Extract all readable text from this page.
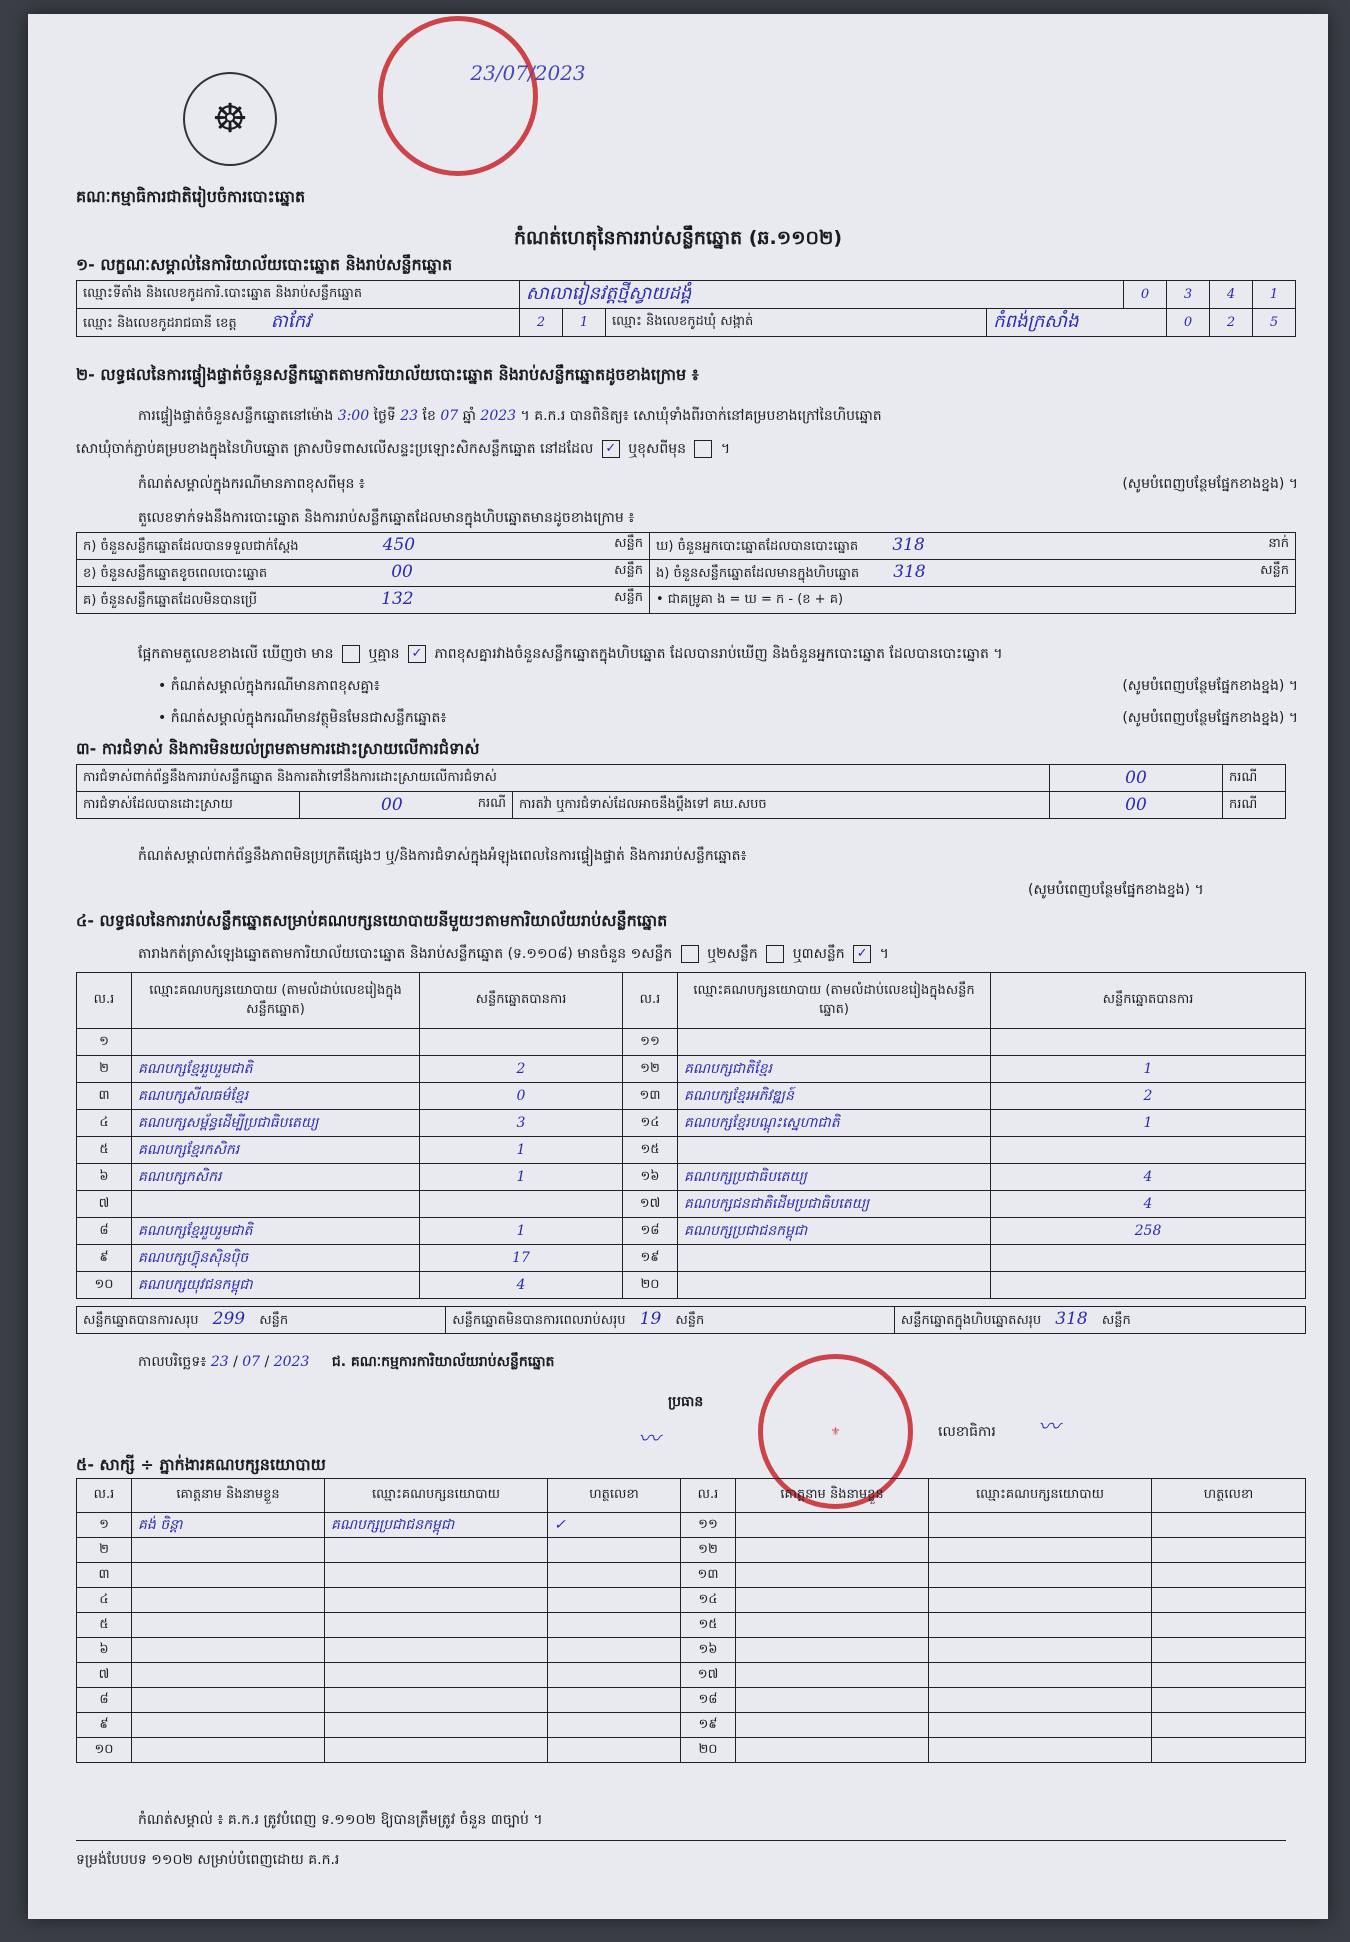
23/07/2023
☸
គណៈកម្មាធិការជាតិរៀបចំការបោះឆ្នោត
កំណត់ហេតុនៃការរាប់សន្លឹកឆ្នោត (ឆ.១១០២)
១- លក្ខណៈសម្គាល់នៃការិយាល័យបោះឆ្នោត និងរាប់សន្លឹកឆ្នោត
ឈ្មោះទីតាំង និងលេខកូដការិ.បោះឆ្នោត និងរាប់សន្លឹកឆ្នោត	សាលារៀនវត្តថ្មីស្វាយដង្គំ				0	3	4	1
ឈ្មោះ និងលេខកូដរាជធានី ខេត្ត តាកែវ	2	1	ឈ្មោះ និងលេខកូដឃុំ សង្កាត់	កំពង់ក្រសាំង		0	2	5
២- លទ្ធផលនៃការផ្ទៀងផ្ទាត់ចំនួនសន្លឹកឆ្នោតតាមការិយាល័យបោះឆ្នោត និងរាប់សន្លឹកឆ្នោតដូចខាងក្រោម ៖
ការផ្ទៀងផ្ទាត់ចំនួនសន្លឹកឆ្នោតនៅម៉ោង 3:00 ថ្ងៃទី 23 ខែ 07 ឆ្នាំ 2023 ។ គ.ក.រ បានពិនិត្យ៖ សោឃុំទាំងពីរចាក់នៅគម្របខាងក្រៅនៃហិបឆ្នោត
សោឃុំចាក់ភ្ជាប់គម្របខាងក្នុងនៃហិបឆ្នោត ត្រាសបិទពាសលើសន្ទះប្រឡោះសិកសន្លឹកឆ្នោត នៅដដែល ✓ ឬខុសពីមុន  ។
កំណត់សម្គាល់ក្នុងករណីមានភាពខុសពីមុន ៖	(សូមបំពេញបន្ថែមផ្នែកខាងខ្នង) ។
តួលេខទាក់ទងនឹងការបោះឆ្នោត និងការរាប់សន្លឹកឆ្នោតដែលមានក្នុងហិបឆ្នោតមានដូចខាងក្រោម ៖
ក) ចំនួនសន្លឹកឆ្នោតដែលបានទទួលជាក់ស្តែង 450 សន្លឹក	ឃ) ចំនួនអ្នកបោះឆ្នោតដែលបានបោះឆ្នោត 318 នាក់

ខ) ចំនួនសន្លឹកឆ្នោតខូចពេលបោះឆ្នោត 00 សន្លឹក	ង) ចំនួនសន្លឹកឆ្នោតដែលមានក្នុងហិបឆ្នោត 318 សន្លឹក

គ) ចំនួនសន្លឹកឆ្នោតដែលមិនបានប្រើ 132 សន្លឹក	• ជាគម្រូគា ង = ឃ = ក - (ខ + គ)
ផ្អែកតាមតួលេខខាងលើ ឃើញថា មាន ឬគ្មាន ✓ ភាពខុសគ្នារវាងចំនួនសន្លឹកឆ្នោតក្នុងហិបឆ្នោត ដែលបានរាប់ឃើញ និងចំនួនអ្នកបោះឆ្នោត ដែលបានបោះឆ្នោត ។
• កំណត់សម្គាល់ក្នុងករណីមានភាពខុសគ្នា៖	(សូមបំពេញបន្ថែមផ្នែកខាងខ្នង) ។
• កំណត់សម្គាល់ក្នុងករណីមានវត្ថុមិនមែនជាសន្លឹកឆ្នោត៖	(សូមបំពេញបន្ថែមផ្នែកខាងខ្នង) ។
៣- ការជំទាស់ និងការមិនយល់ព្រមតាមការដោះស្រាយលើការជំទាស់
ការជំទាស់ពាក់ព័ន្ធនឹងការរាប់សន្លឹកឆ្នោត និងការតវ៉ាទៅនឹងការដោះស្រាយលើការជំទាស់			00	ករណី
ការជំទាស់ដែលបានដោះស្រាយ	00 ករណី	ការតវ៉ា ឬការជំទាស់ដែលអាចនឹងប្តឹងទៅ គឃ.សបច	00	ករណី
កំណត់សម្គាល់ពាក់ព័ន្ធនឹងភាពមិនប្រក្រតីផ្សេងៗ ឬ/និងការជំទាស់ក្នុងអំឡុងពេលនៃការផ្ទៀងផ្ទាត់ និងការរាប់សន្លឹកឆ្នោត៖
(សូមបំពេញបន្ថែមផ្នែកខាងខ្នង) ។
៤- លទ្ធផលនៃការរាប់សន្លឹកឆ្នោតសម្រាប់គណបក្សនយោបាយនីមួយៗតាមការិយាល័យរាប់សន្លឹកឆ្នោត
តារាងកត់ត្រាសំឡេងឆ្នោតតាមការិយាល័យបោះឆ្នោត និងរាប់សន្លឹកឆ្នោត (ទ.១១០៨) មានចំនួន ១សន្លឹក ឬ២សន្លឹក ឬ៣សន្លឹក ✓ ។
ល.រ	ឈ្មោះគណបក្សនយោបាយ (តាមលំដាប់លេខរៀងក្នុងសន្លឹកឆ្នោត)	សន្លឹកឆ្នោតបានការ	ល.រ	ឈ្មោះគណបក្សនយោបាយ (តាមលំដាប់លេខរៀងក្នុងសន្លឹកឆ្នោត)	សន្លឹកឆ្នោតបានការ
១			១១		
២	គណបក្សខ្មែររួបរួមជាតិ	2	១២	គណបក្សជាតិខ្មែរ	1
៣	គណបក្សសីលធម៌ខ្មែរ	0	១៣	គណបក្សខ្មែរអភិវឌ្ឍន៍	2
៤	គណបក្សសម្ព័ន្ធដើម្បីប្រជាធិបតេយ្យ	3	១៤	គណបក្សខ្មែរបណ្តុះស្នេហាជាតិ	1
៥	គណបក្សខ្មែរកសិករ	1	១៥		
៦	គណបក្សកសិករ	1	១៦	គណបក្សប្រជាធិបតេយ្យ	4
៧			១៧	គណបក្សជនជាតិដើមប្រជាធិបតេយ្យ	4
៨	គណបក្សខ្មែររួបរួមជាតិ	1	១៨	គណបក្សប្រជាជនកម្ពុជា	258
៩	គណបក្សហ៊្វុនស៊ិនប៉ិច	17	១៩		
១០	គណបក្សយុវជនកម្ពុជា	4	២០		
សន្លឹកឆ្នោតបានការសរុប 299 សន្លឹក	សន្លឹកឆ្នោតមិនបានការពេលរាប់សរុប 19 សន្លឹក	សន្លឹកឆ្នោតក្នុងហិបឆ្នោតសរុប 318 សន្លឹក
កាលបរិច្ឆេទ៖ 23 / 07 / 2023 ជ. គណៈកម្មការការិយាល័យរាប់សន្លឹកឆ្នោត
ប្រធាន
〰	⚜	លេខាធិការ 〰
៥- សាក្សី ÷ ភ្នាក់ងារគណបក្សនយោបាយ
ល.រ	គោត្តនាម និងនាមខ្លួន	ឈ្មោះគណបក្សនយោបាយ	ហត្ថលេខា	ល.រ	គោត្តនាម និងនាមខ្លួន	ឈ្មោះគណបក្សនយោបាយ	ហត្ថលេខា
១	គង់ ចិន្តា	គណបក្សប្រជាជនកម្ពុជា	✓	១១			
២				១២			
៣				១៣			
៤				១៤			
៥				១៥			
៦				១៦			
៧				១៧			
៨				១៨			
៩				១៩			
១០				២០			
កំណត់សម្គាល់ ៖ គ.ក.រ ត្រូវបំពេញ ទ.១១០២ ឱ្យបានត្រឹមត្រូវ ចំនួន ៣ច្បាប់ ។
ទម្រង់បែបបទ ១១០២ សម្រាប់បំពេញដោយ គ.ក.រ
